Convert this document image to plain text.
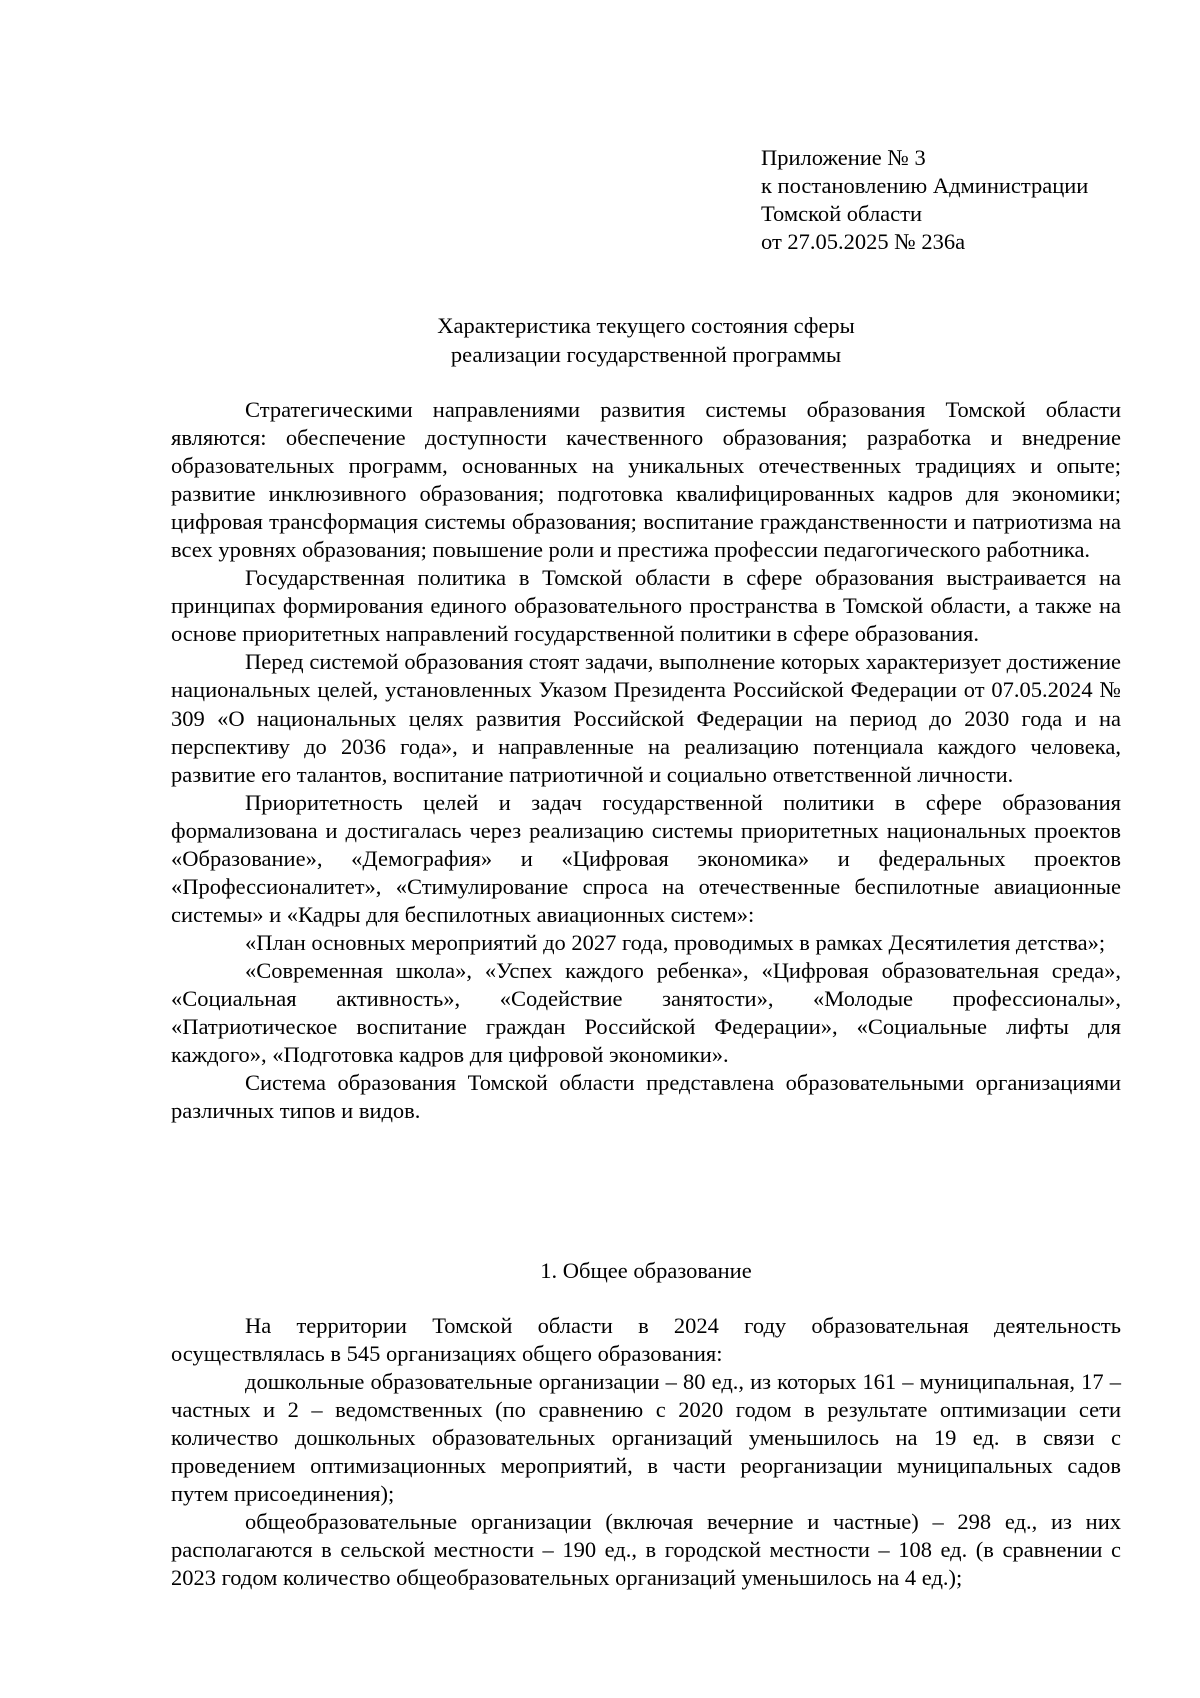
Приложение № 3
к постановлению Администрации
Томской области
от 27.05.2025 № 236а
Характеристика текущего состояния сферы
реализации государственной программы

Стратегическими направлениями развития системы образования Томской области являются: обеспечение доступности качественного образования; разработка и внедрение образовательных программ, основанных на уникальных отечественных традициях и опыте; развитие инклюзивного образования; подготовка квалифицированных кадров для экономики; цифровая трансформация системы образования; воспитание гражданственности и патриотизма на всех уровнях образования; повышение роли и престижа профессии педагогического работника.

Государственная политика в Томской области в сфере образования выстраивается на принципах формирования единого образовательного пространства в Томской области, а также на основе приоритетных направлений государственной политики в сфере образования.

Перед системой образования стоят задачи, выполнение которых характеризует достижение национальных целей, установленных Указом Президента Российской Федерации от 07.05.2024 № 309 «О национальных целях развития Российской Федерации на период до 2030 года и на перспективу до 2036 года», и направленные на реализацию потенциала каждого человека, развитие его талантов, воспитание патриотичной и социально ответственной личности.

Приоритетность целей и задач государственной политики в сфере образования формализована и достигалась через реализацию системы приоритетных национальных проектов «Образование», «Демография» и «Цифровая экономика» и федеральных проектов «Профессионалитет», «Стимулирование спроса на отечественные беспилотные авиационные системы» и «Кадры для беспилотных авиационных систем»:

«План основных мероприятий до 2027 года, проводимых в рамках Десятилетия детства»;

«Современная школа», «Успех каждого ребенка», «Цифровая образовательная среда», «Социальная активность», «Содействие занятости», «Молодые профессионалы», «Патриотическое воспитание граждан Российской Федерации», «Социальные лифты для каждого», «Подготовка кадров для цифровой экономики».

Система образования Томской области представлена образовательными организациями различных типов и видов.

1. Общее образование

На территории Томской области в 2024 году образовательная деятельность осуществлялась в 545 организациях общего образования:

дошкольные образовательные организации – 80 ед., из которых 161 – муниципальная, 17 – частных и 2 – ведомственных (по сравнению с 2020 годом в результате оптимизации сети количество дошкольных образовательных организаций уменьшилось на 19 ед. в связи с проведением оптимизационных мероприятий, в части реорганизации муниципальных садов путем присоединения);

общеобразовательные организации (включая вечерние и частные) – 298 ед., из них располагаются в сельской местности – 190 ед., в городской местности – 108 ед. (в сравнении с 2023 годом количество общеобразовательных организаций уменьшилось на 4 ед.);
